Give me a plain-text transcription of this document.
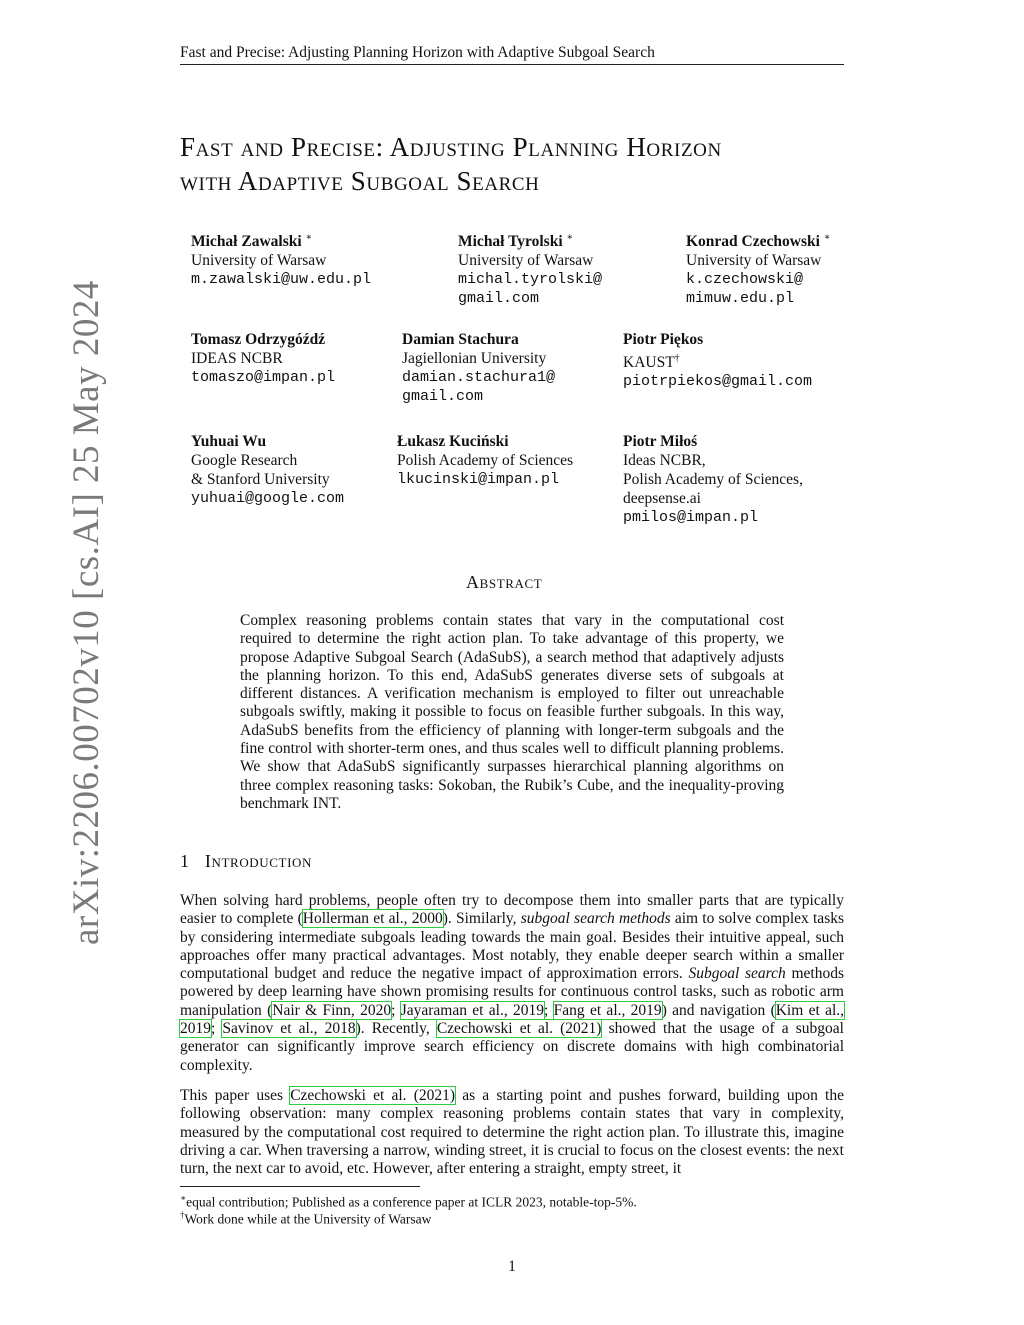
arXiv:2206.00702v10 [cs.AI] 25 May 2024
Fast and Precise: Adjusting Planning Horizon with Adaptive Subgoal Search
Fast and Precise: Adjusting Planning Horizon
with Adaptive Subgoal Search
Michał Zawalski ∗
University of Warsaw
m.zawalski@uw.edu.pl
Michał Tyrolski ∗
University of Warsaw
michal.tyrolski@
gmail.com
Konrad Czechowski ∗
University of Warsaw
k.czechowski@
mimuw.edu.pl
Tomasz Odrzygóźdź
IDEAS NCBR
tomaszo@impan.pl
Damian Stachura
Jagiellonian University
damian.stachura1@
gmail.com
Piotr Piękos
KAUST†
piotrpiekos@gmail.com
Yuhuai Wu
Google Research
& Stanford University
yuhuai@google.com
Łukasz Kuciński
Polish Academy of Sciences
lkucinski@impan.pl
Piotr Miłoś
Ideas NCBR,
Polish Academy of Sciences,
deepsense.ai
pmilos@impan.pl
Abstract
Complex reasoning problems contain states that vary in the computational cost required to determine the right action plan. To take advantage of this property, we propose Adaptive Subgoal Search (AdaSubS), a search method that adaptively adjusts the planning horizon. To this end, AdaSubS generates diverse sets of subgoals at different distances. A verification mechanism is employed to filter out unreachable subgoals swiftly, making it possible to focus on feasible further subgoals. In this way, AdaSubS benefits from the efficiency of planning with longer-term subgoals and the fine control with shorter-term ones, and thus scales well to difficult planning problems. We show that AdaSubS significantly surpasses hierarchical planning algorithms on three complex reasoning tasks: Sokoban, the Rubik’s Cube, and the inequality-proving benchmark INT.
1 Introduction
When solving hard problems, people often try to decompose them into smaller parts that are typically easier to complete (Hollerman et al., 2000). Similarly, subgoal search methods aim to solve complex tasks by considering intermediate subgoals leading towards the main goal. Besides their intuitive appeal, such approaches offer many practical advantages. Most notably, they enable deeper search within a smaller computational budget and reduce the negative impact of approximation errors. Subgoal search methods powered by deep learning have shown promising results for continuous control tasks, such as robotic arm manipulation (Nair & Finn, 2020; Jayaraman et al., 2019; Fang et al., 2019) and navigation (Kim et al., 2019; Savinov et al., 2018). Recently, Czechowski et al. (2021) showed that the usage of a subgoal generator can significantly improve search efficiency on discrete domains with high combinatorial complexity.
This paper uses Czechowski et al. (2021) as a starting point and pushes forward, building upon the following observation: many complex reasoning problems contain states that vary in complexity, measured by the computational cost required to determine the right action plan. To illustrate this, imagine driving a car. When traversing a narrow, winding street, it is crucial to focus on the closest events: the next turn, the next car to avoid, etc. However, after entering a straight, empty street, it
∗equal contribution; Published as a conference paper at ICLR 2023, notable-top-5%.
†Work done while at the University of Warsaw
1
